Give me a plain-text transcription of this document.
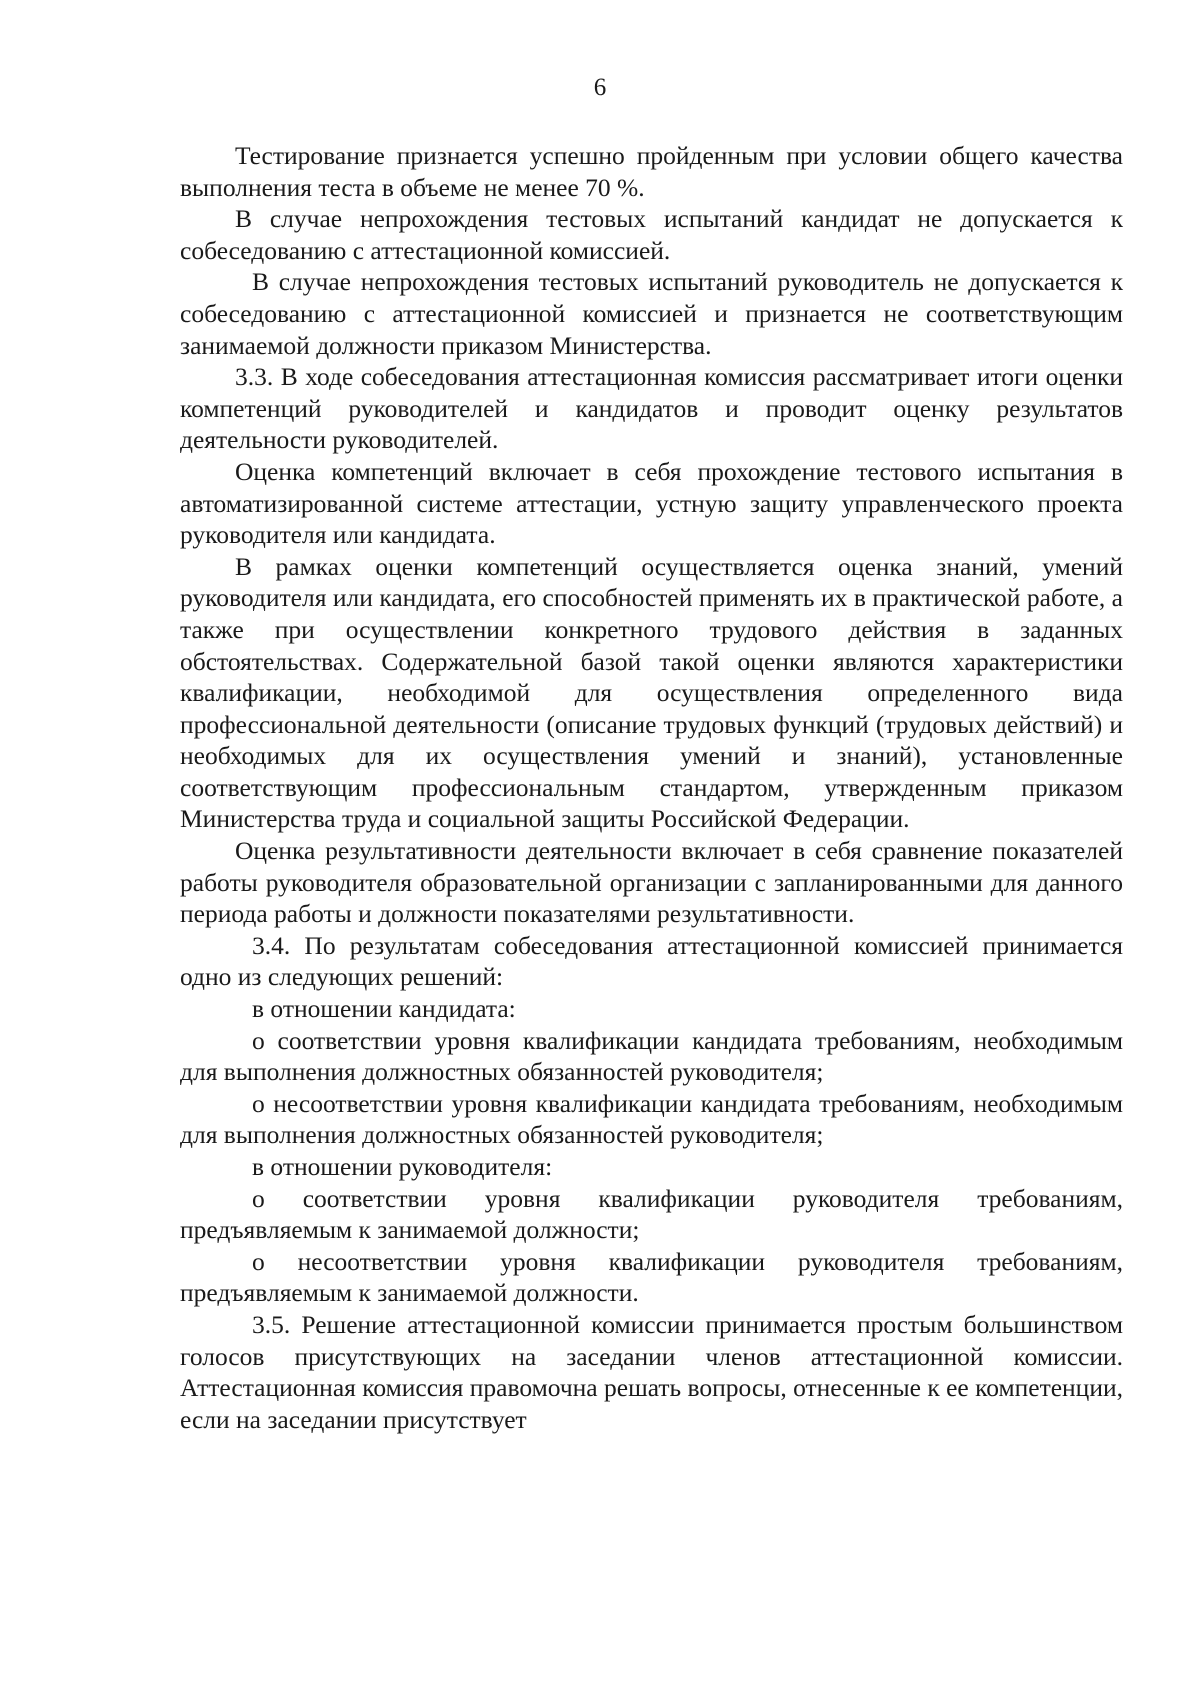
6

Тестирование признается успешно пройденным при условии общего качества выполнения теста в объеме не менее 70 %.

В случае непрохождения тестовых испытаний кандидат не допускается к собеседованию с аттестационной комиссией.

В случае непрохождения тестовых испытаний руководитель не допускается к собеседованию с аттестационной комиссией и признается не соответствующим занимаемой должности приказом Министерства.

3.3. В ходе собеседования аттестационная комиссия рассматривает итоги оценки компетенций руководителей и кандидатов и проводит оценку результатов деятельности руководителей.

Оценка компетенций включает в себя прохождение тестового испытания в автоматизированной системе аттестации, устную защиту управленческого проекта руководителя или кандидата.

В рамках оценки компетенций осуществляется оценка знаний, умений руководителя или кандидата, его способностей применять их в практической работе, а также при осуществлении конкретного трудового действия в заданных обстоятельствах. Содержательной базой такой оценки являются характеристики квалификации, необходимой для осуществления определенного вида профессиональной деятельности (описание трудовых функций (трудовых действий) и необходимых для их осуществления умений и знаний), установленные соответствующим профессиональным стандартом, утвержденным приказом Министерства труда и социальной защиты Российской Федерации.

Оценка результативности деятельности включает в себя сравнение показателей работы руководителя образовательной организации с запланированными для данного периода работы и должности показателями результативности.

3.4. По результатам собеседования аттестационной комиссией принимается одно из следующих решений:

в отношении кандидата:

о соответствии уровня квалификации кандидата требованиям, необходимым для выполнения должностных обязанностей руководителя;

о несоответствии уровня квалификации кандидата требованиям, необходимым для выполнения должностных обязанностей руководителя;

в отношении руководителя:

о соответствии уровня квалификации руководителя требованиям, предъявляемым к занимаемой должности;

о несоответствии уровня квалификации руководителя требованиям, предъявляемым к занимаемой должности.

3.5. Решение аттестационной комиссии принимается простым большинством голосов присутствующих на заседании членов аттестационной комиссии. Аттестационная комиссия правомочна решать вопросы, отнесенные к ее компетенции, если на заседании присутствует
